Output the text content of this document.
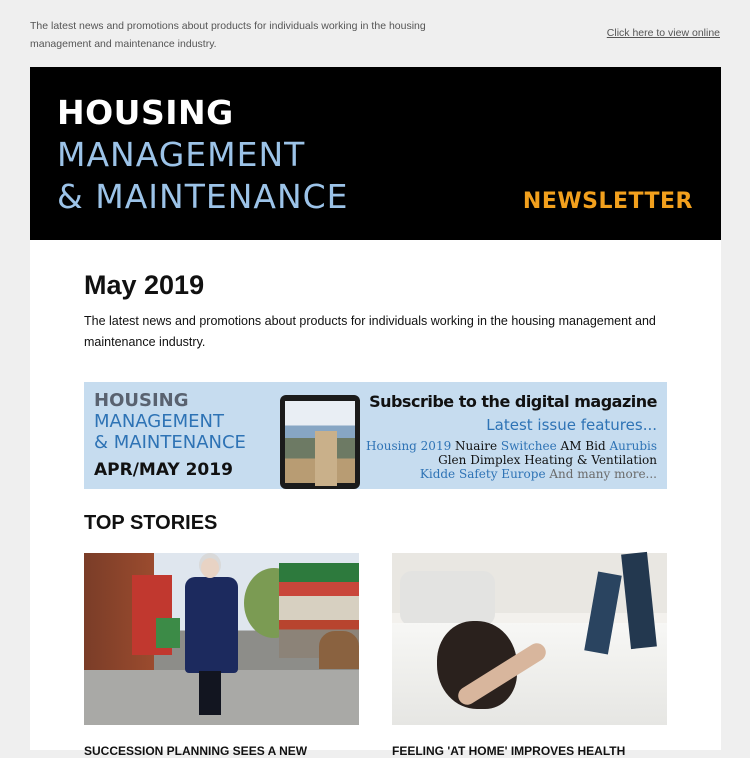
The latest news and promotions about products for individuals working in the housing management and maintenance industry.
Click here to view online
HOUSING
MANAGEMENT
& MAINTENANCE	NEWSLETTER
May 2019
The latest news and promotions about products for individuals working in the housing management and maintenance industry.
HOUSING
MANAGEMENT
& MAINTENANCE
APR/MAY 2019
Subscribe to the digital magazine
Latest issue features...
Housing 2019 Nuaire Switchee AM Bid Aurubis
Glen Dimplex Heating & Ventilation
Kidde Safety Europe And many more...
TOP STORIES
SUCCESSION PLANNING SEES A NEW	FEELING 'AT HOME' IMPROVES HEALTH
